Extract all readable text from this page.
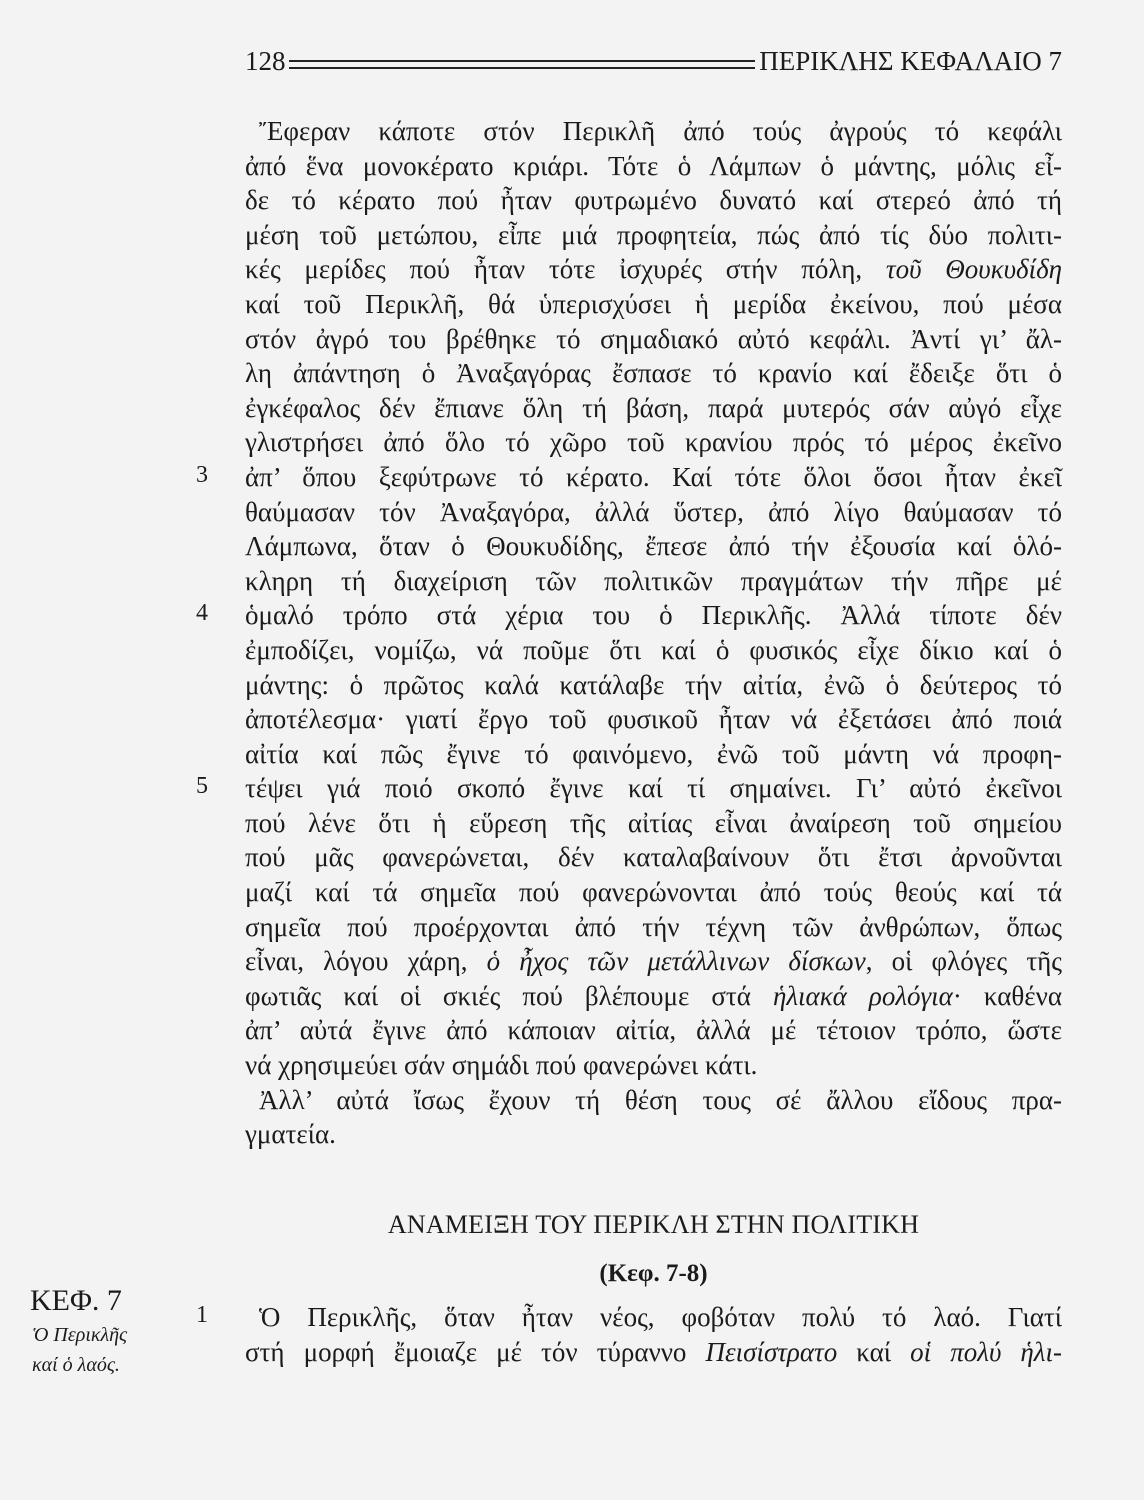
128	ΠΕΡΙΚΛΗΣ ΚΕΦΑΛΑΙΟ 7
Ἔφεραν κάποτε στόν Περικλῆ ἀπό τούς ἀγρούς τό κεφάλι
ἀπό ἕνα μονοκέρατο κριάρι. Τότε ὁ Λάμπων ὁ μάντης, μόλις εἶ-
δε τό κέρατο πού ἦταν φυτρωμένο δυνατό καί στερεό ἀπό τή
μέση τοῦ μετώπου, εἶπε μιά προφητεία, πώς ἀπό τίς δύο πολιτι-
κές μερίδες πού ἦταν τότε ἰσχυρές στήν πόλη, τοῦ Θουκυδίδη
καί τοῦ Περικλῆ, θά ὑπερισχύσει ἡ μερίδα ἐκείνου, πού μέσα
στόν ἀγρό του βρέθηκε τό σημαδιακό αὐτό κεφάλι. Ἀντί γι’ ἄλ-
λη ἀπάντηση ὁ Ἀναξαγόρας ἔσπασε τό κρανίο καί ἔδειξε ὅτι ὁ
ἐγκέφαλος δέν ἔπιανε ὅλη τή βάση, παρά μυτερός σάν αὐγό εἶχε
γλιστρήσει ἀπό ὅλο τό χῶρο τοῦ κρανίου πρός τό μέρος ἐκεῖνο
ἀπ’ ὅπου ξεφύτρωνε τό κέρατο. Καί τότε ὅλοι ὅσοι ἦταν ἐκεῖ
θαύμασαν τόν Ἀναξαγόρα, ἀλλά ὕστερ, ἀπό λίγο θαύμασαν τό
Λάμπωνα, ὅταν ὁ Θουκυδίδης, ἔπεσε ἀπό τήν ἐξουσία καί ὁλό-
κληρη τή διαχείριση τῶν πολιτικῶν πραγμάτων τήν πῆρε μέ
ὁμαλό τρόπο στά χέρια του ὁ Περικλῆς. Ἀλλά τίποτε δέν
ἐμποδίζει, νομίζω, νά ποῦμε ὅτι καί ὁ φυσικός εἶχε δίκιο καί ὁ
μάντης: ὁ πρῶτος καλά κατάλαβε τήν αἰτία, ἐνῶ ὁ δεύτερος τό
ἀποτέλεσμα· γιατί ἔργο τοῦ φυσικοῦ ἦταν νά ἐξετάσει ἀπό ποιά
αἰτία καί πῶς ἔγινε τό φαινόμενο, ἐνῶ τοῦ μάντη νά προφη-
τέψει γιά ποιό σκοπό ἔγινε καί τί σημαίνει. Γι’ αὐτό ἐκεῖνοι
πού λένε ὅτι ἡ εὕρεση τῆς αἰτίας εἶναι ἀναίρεση τοῦ σημείου
πού μᾶς φανερώνεται, δέν καταλαβαίνουν ὅτι ἔτσι ἀρνοῦνται
μαζί καί τά σημεῖα πού φανερώνονται ἀπό τούς θεούς καί τά
σημεῖα πού προέρχονται ἀπό τήν τέχνη τῶν ἀνθρώπων, ὅπως
εἶναι, λόγου χάρη, ὁ ἦχος τῶν μετάλλινων δίσκων, οἱ φλόγες τῆς
φωτιᾶς καί οἱ σκιές πού βλέπουμε στά ἡλιακά ρολόγια· καθένα
ἀπ’ αὐτά ἔγινε ἀπό κάποιαν αἰτία, ἀλλά μέ τέτοιον τρόπο, ὥστε
νά χρησιμεύει σάν σημάδι πού φανερώνει κάτι.
Ἀλλ’ αὐτά ἴσως ἔχουν τή θέση τους σέ ἄλλου εἴδους πρα-
γματεία.
3
4
5
ΑΝΑΜΕΙΞΗ ΤΟΥ ΠΕΡΙΚΛΗ ΣΤΗΝ ΠΟΛΙΤΙΚΗ
(Κεφ. 7-8)
ΚΕΦ. 7
Ὁ Περικλῆς
καί ὁ λαός.
1	Ὁ Περικλῆς, ὅταν ἦταν νέος, φοβόταν πολύ τό λαό. Γιατί
στή μορφή ἔμοιαζε μέ τόν τύραννο Πεισίστρατο καί οἱ πολύ ἡλι-
